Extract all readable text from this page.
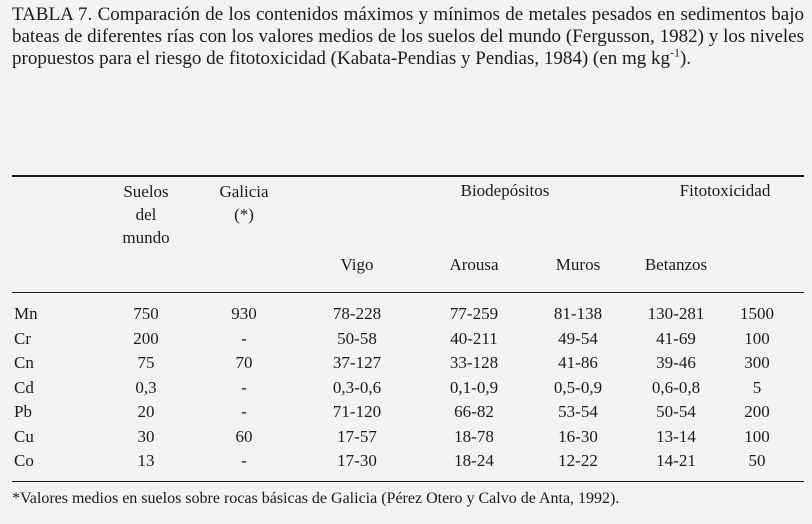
TABLA 7. Comparación de los contenidos máximos y mínimos de metales pesados en sedimentos bajo bateas de diferentes rías con los valores medios de los suelos del mundo (Fergusson, 1982) y los niveles propuestos para el riesgo de fitotoxicidad (Kabata-Pendias y Pendias, 1984) (en mg $kg^{-1}$).
Suelos
del
mundo
Galicia
(*)
Biodepósitos	Fitotoxicidad
Vigo	Arousa	Muros	Betanzos
Mn	750	930	78-228	77-259	81-138	130-281 1500
Cr	200	-	50-58	40-211	49-54	41-69	100
Cn	75	70	37-127	33-128	41-86	39-46	300
Cd	0,3	-	0,3-0,6	0,1-0,9	0,5-0,9	0,6-0,8	5
Pb	20	-	71-120	66-82	53-54	50-54	200
Cu	30	60	17-57	18-78	16-30	13-14	100
Co	13	-	17-30	18-24	12-22	14-21	50
*Valores medios en suelos sobre rocas básicas de Galicia (Pérez Otero y Calvo de Anta, 1992).
